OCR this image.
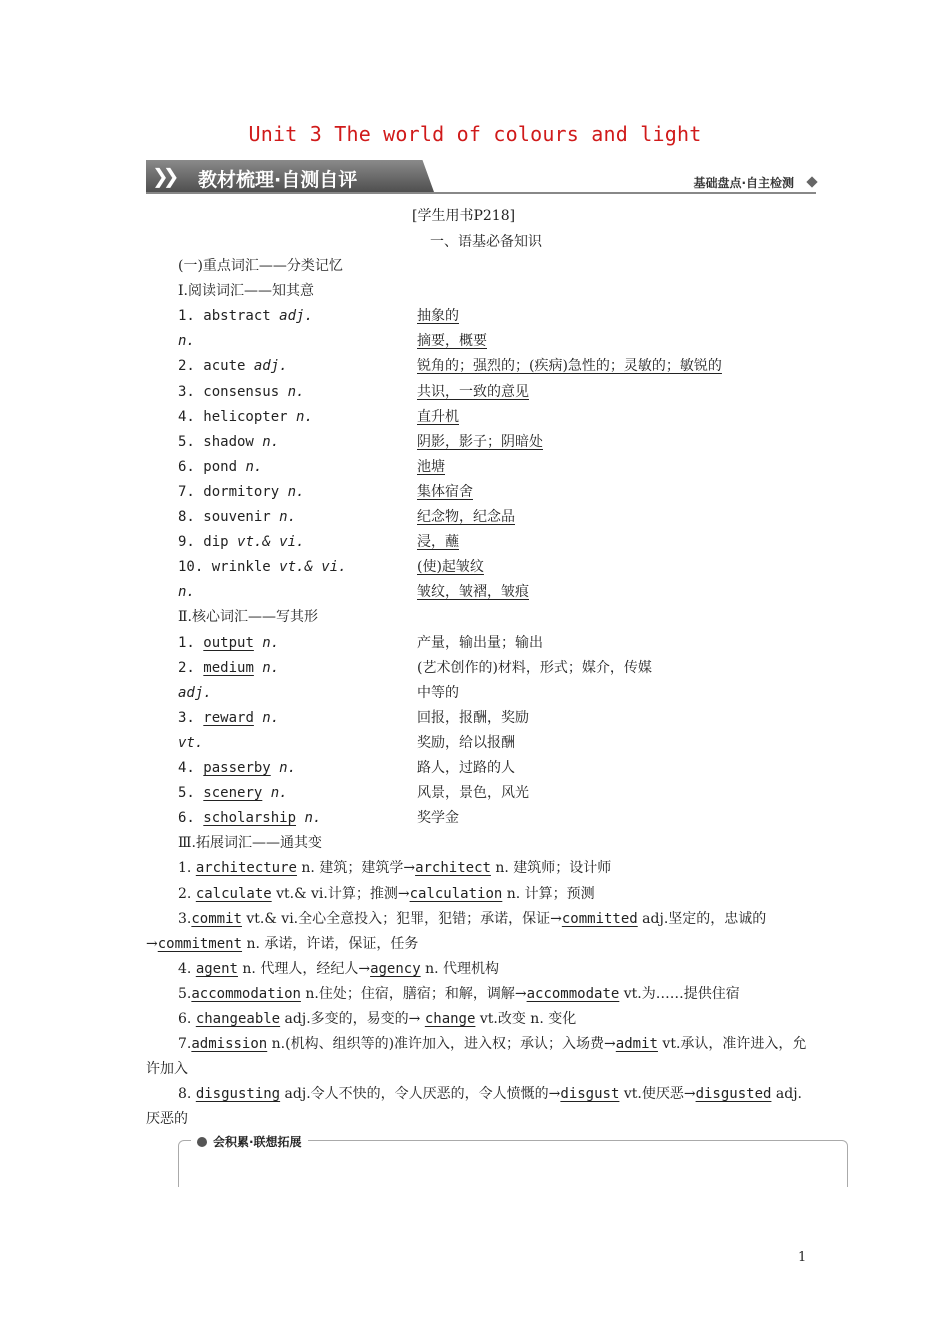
Unit 3 The world of colours and light
❯❯ 教材梳理·自测自评	基础盘点·自主检测
[学生用书P218]
一、语基必备知识
(一)重点词汇——分类记忆
Ⅰ.阅读词汇——知其意
1. abstract adj.	抽象的
n.	摘要，概要
2. acute adj.	锐角的；强烈的；(疾病)急性的；灵敏的；敏锐的
3. consensus n.	共识，一致的意见
4. helicopter n.	直升机
5. shadow n.	阴影，影子；阴暗处
6. pond n.	池塘
7. dormitory n.	集体宿舍
8. souvenir n.	纪念物，纪念品
9. dip vt.& vi.	浸，蘸
10. wrinkle vt.& vi.	(使)起皱纹
n.	皱纹，皱褶，皱痕
Ⅱ.核心词汇——写其形
1. output n.	产量，输出量；输出
2. medium n.	(艺术创作的)材料，形式；媒介，传媒
adj.	中等的
3. reward n.	回报，报酬，奖励
vt.	奖励，给以报酬
4. passerby n.	路人，过路的人
5. scenery n.	风景，景色，风光
6. scholarship n.	奖学金
Ⅲ.拓展词汇——通其变
1. architecture n. 建筑；建筑学→architect n. 建筑师；设计师
2. calculate vt.& vi.计算；推测→calculation n. 计算；预测
3.commit vt.& vi.全心全意投入；犯罪，犯错；承诺，保证→committed adj.坚定的，忠诚的→commitment n. 承诺，许诺，保证，任务
4. agent n. 代理人，经纪人→agency n. 代理机构
5.accommodation n.住处；住宿，膳宿；和解，调解→accommodate vt.为……提供住宿
6. changeable adj.多变的，易变的→ change vt.改变 n. 变化
7.admission n.(机构、组织等的)准许加入，进入权；承认；入场费→admit vt.承认，准许进入，允许加入
8. disgusting adj.令人不快的，令人厌恶的，令人愤慨的→disgust vt.使厌恶→disgusted adj.厌恶的
会积累·联想拓展
1
